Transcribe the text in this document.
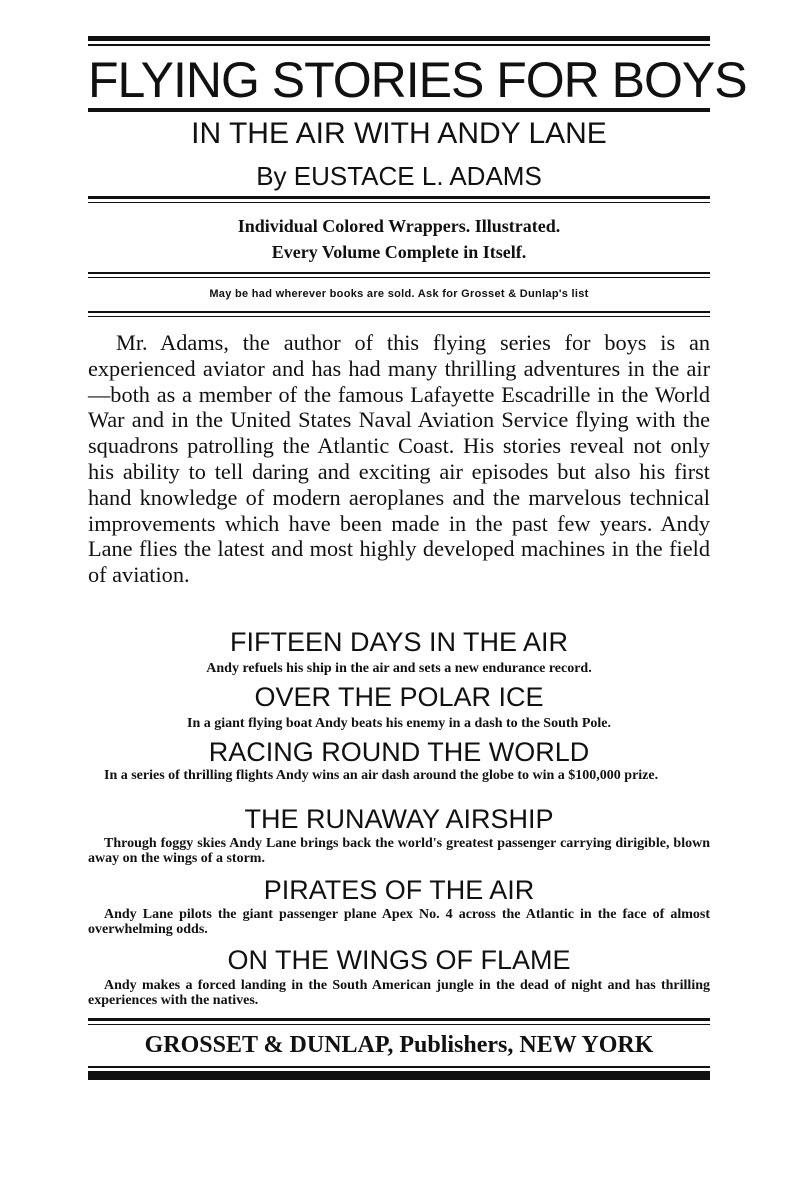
FLYING STORIES FOR BOYS
IN THE AIR WITH ANDY LANE
By EUSTACE L. ADAMS
Individual Colored Wrappers. Illustrated.
Every Volume Complete in Itself.
May be had wherever books are sold. Ask for Grosset & Dunlap's list

Mr. Adams, the author of this flying series for boys is an experienced aviator and has had many thrilling adventures in the air—both as a member of the famous Lafayette Escadrille in the World War and in the United States Naval Aviation Service flying with the squadrons patrolling the Atlantic Coast. His stories reveal not only his ability to tell daring and exciting air episodes but also his first hand knowledge of modern aeroplanes and the marvelous technical improvements which have been made in the past few years. Andy Lane flies the latest and most highly developed machines in the field of aviation.

FIFTEEN DAYS IN THE AIR

Andy refuels his ship in the air and sets a new endurance record.

OVER THE POLAR ICE

In a giant flying boat Andy beats his enemy in a dash to the South Pole.

RACING ROUND THE WORLD

In a series of thrilling flights Andy wins an air dash around the globe to win a $100,000 prize.

THE RUNAWAY AIRSHIP

Through foggy skies Andy Lane brings back the world's greatest passenger carrying dirigible, blown away on the wings of a storm.

PIRATES OF THE AIR

Andy Lane pilots the giant passenger plane Apex No. 4 across the Atlantic in the face of almost overwhelming odds.

ON THE WINGS OF FLAME

Andy makes a forced landing in the South American jungle in the dead of night and has thrilling experiences with the natives.

GROSSET & DUNLAP, Publishers, NEW YORK
